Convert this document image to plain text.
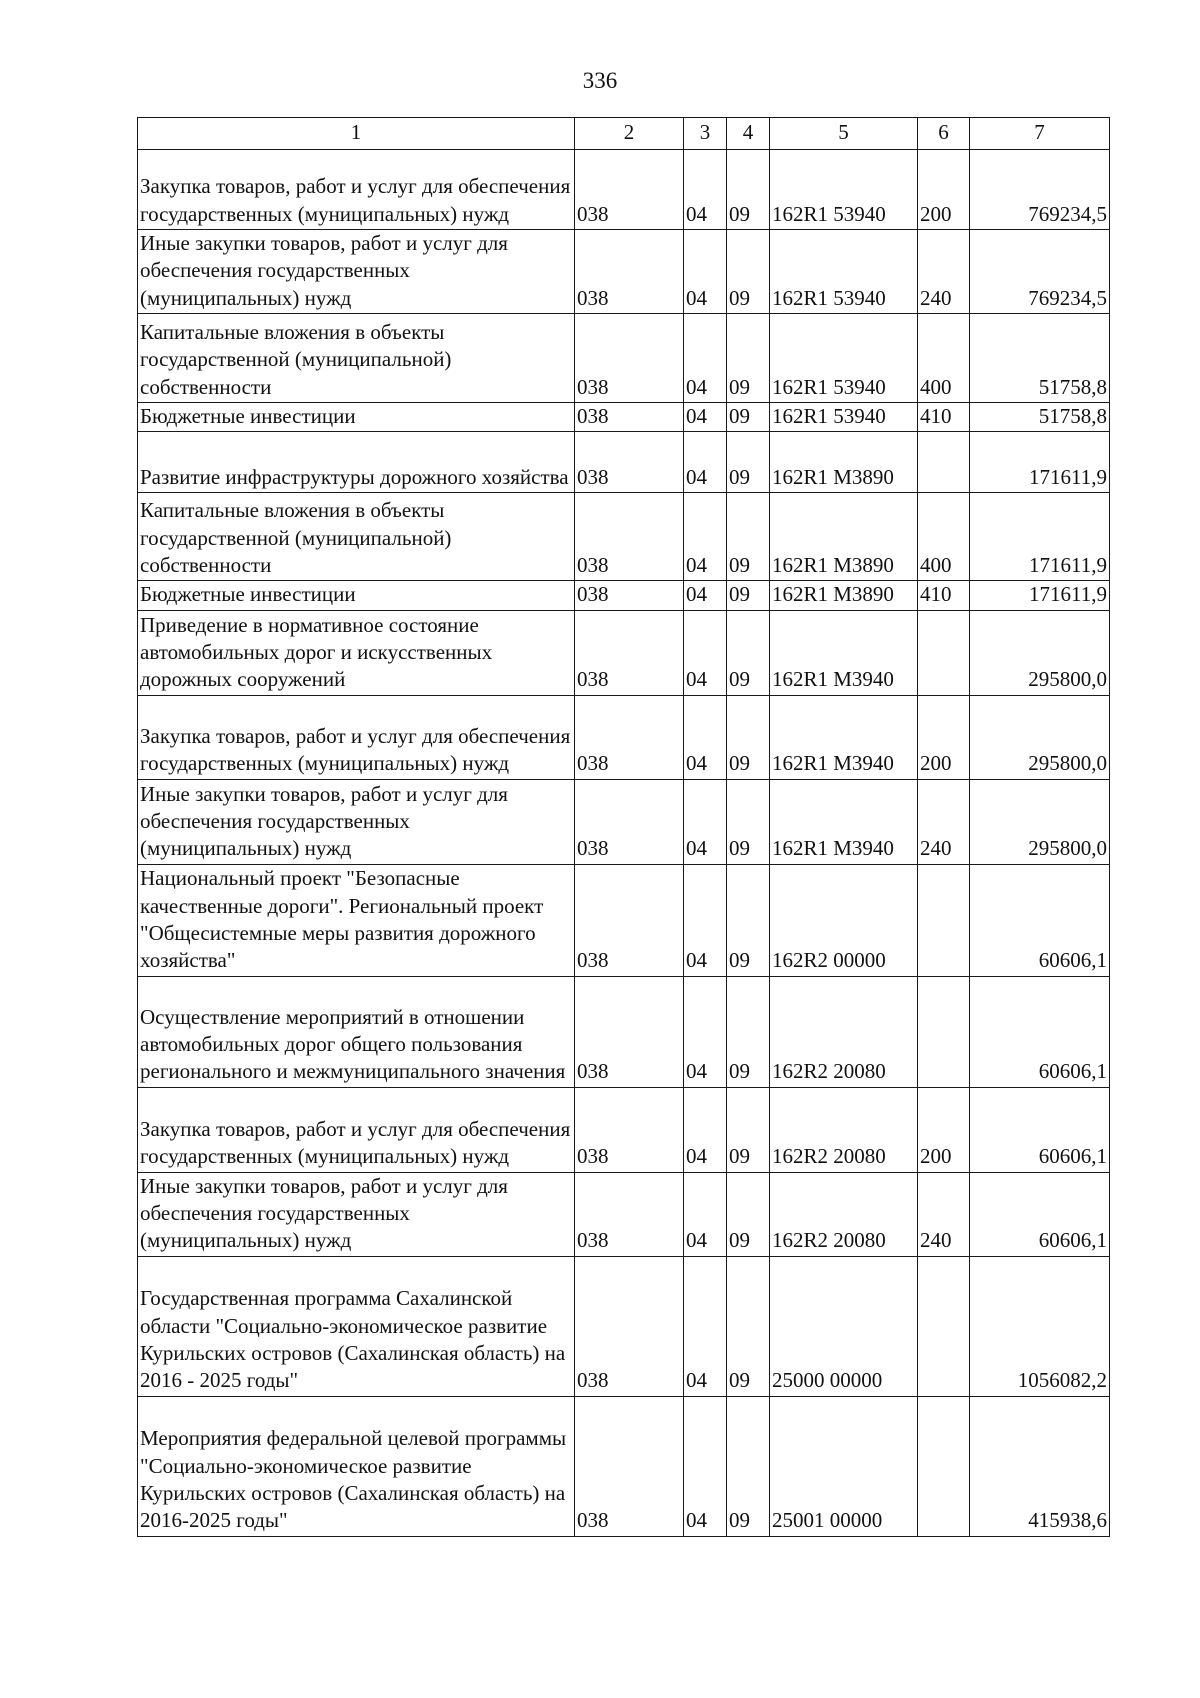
336
1	2	3	4	5	6	7
Закупка товаров, работ и услуг для обеспечения государственных (муниципальных) нужд	038	04	09	162R1 53940	200	769234,5
Иные закупки товаров, работ и услуг для обеспечения государственных (муниципальных) нужд	038	04	09	162R1 53940	240	769234,5
Капитальные вложения в объекты государственной (муниципальной) собственности	038	04	09	162R1 53940	400	51758,8
Бюджетные инвестиции	038	04	09	162R1 53940	410	51758,8
Развитие инфраструктуры дорожного хозяйства	038	04	09	162R1 M3890		171611,9
Капитальные вложения в объекты государственной (муниципальной) собственности	038	04	09	162R1 M3890	400	171611,9
Бюджетные инвестиции	038	04	09	162R1 M3890	410	171611,9
Приведение в нормативное состояние автомобильных дорог и искусственных дорожных сооружений	038	04	09	162R1 M3940		295800,0
Закупка товаров, работ и услуг для обеспечения государственных (муниципальных) нужд	038	04	09	162R1 M3940	200	295800,0
Иные закупки товаров, работ и услуг для обеспечения государственных (муниципальных) нужд	038	04	09	162R1 M3940	240	295800,0
Национальный проект "Безопасные качественные дороги". Региональный проект "Общесистемные меры развития дорожного хозяйства"	038	04	09	162R2 00000		60606,1
Осуществление мероприятий в отношении автомобильных дорог общего пользования регионального и межмуниципального значения	038	04	09	162R2 20080		60606,1
Закупка товаров, работ и услуг для обеспечения государственных (муниципальных) нужд	038	04	09	162R2 20080	200	60606,1
Иные закупки товаров, работ и услуг для обеспечения государственных (муниципальных) нужд	038	04	09	162R2 20080	240	60606,1
Государственная программа Сахалинской области "Социально-экономическое развитие Курильских островов (Сахалинская область) на 2016 - 2025 годы"	038	04	09	25000 00000		1056082,2
Мероприятия федеральной целевой программы "Социально-экономическое развитие Курильских островов (Сахалинская область) на 2016-2025 годы"	038	04	09	25001 00000		415938,6
